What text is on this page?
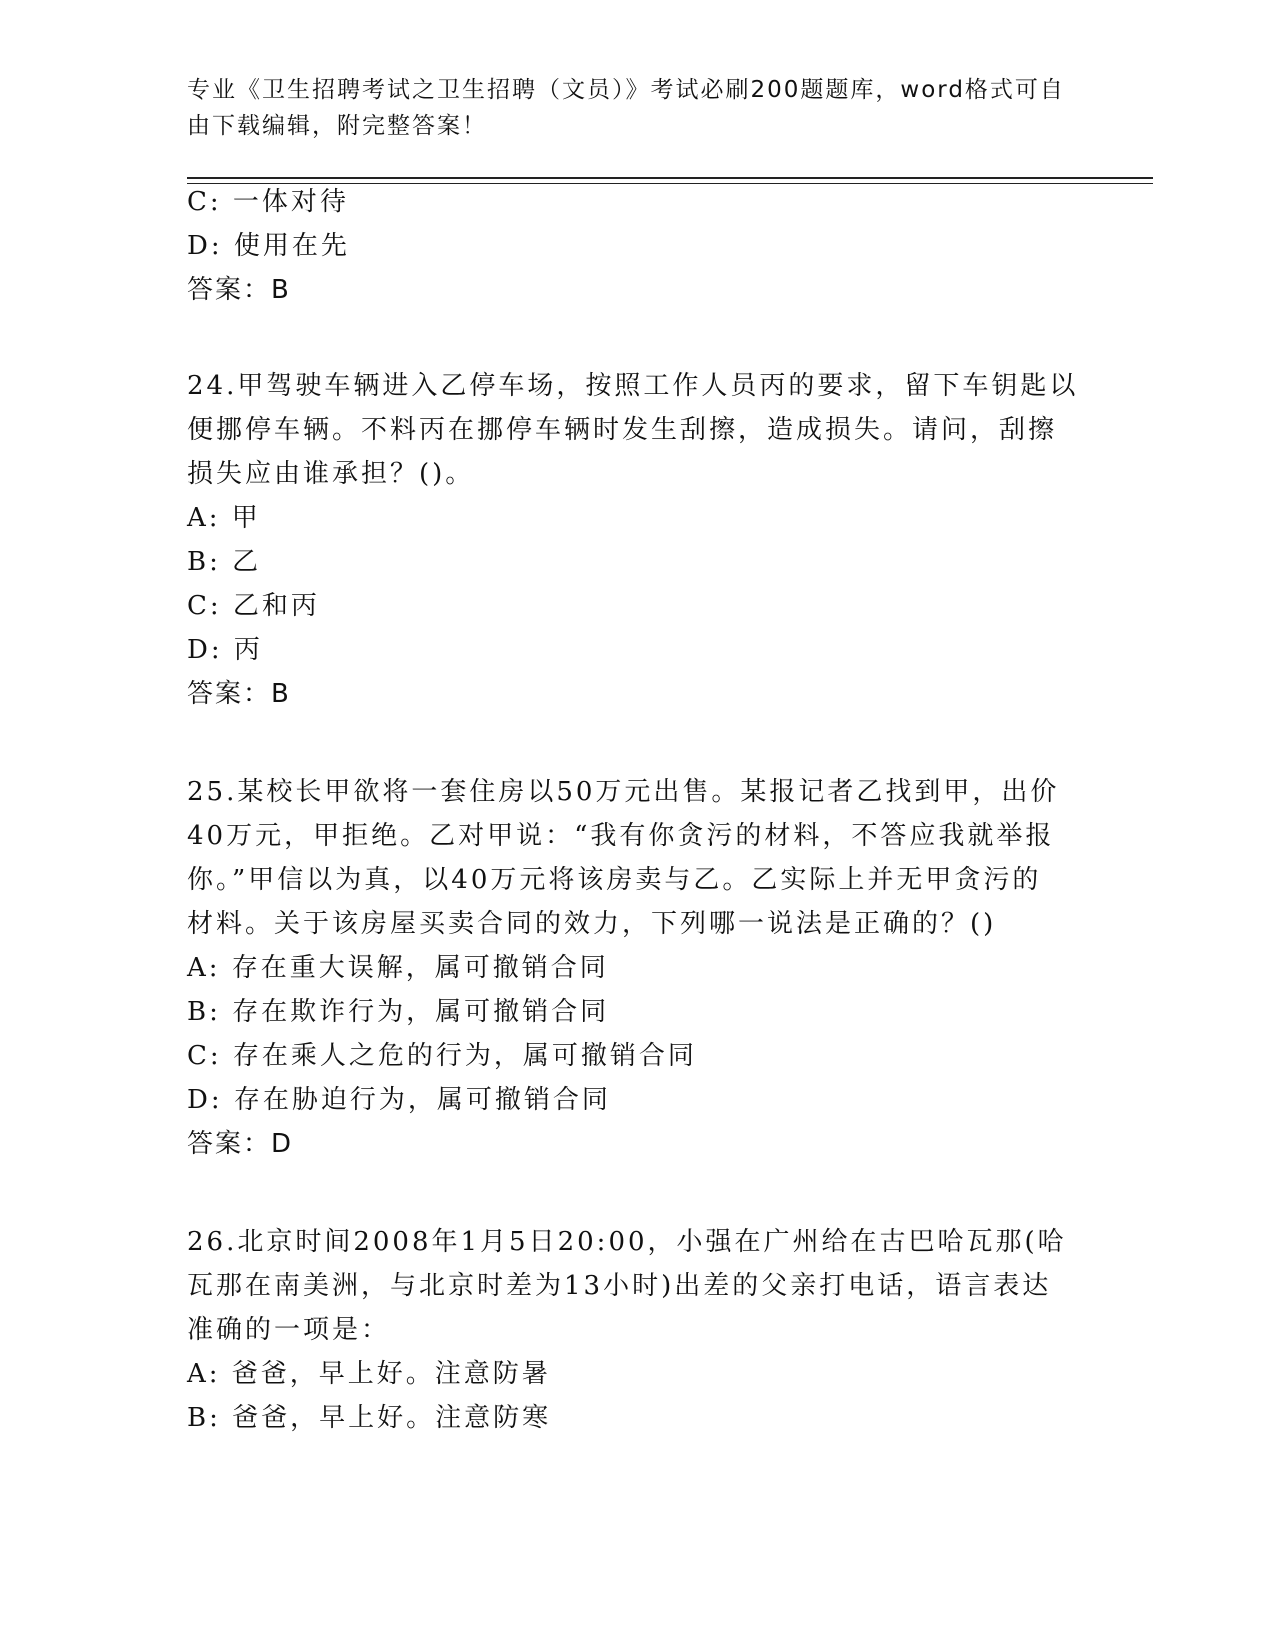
专业《卫生招聘考试之卫生招聘（文员）》考试必刷200题题库，word格式可自由下载编辑，附完整答案！
C: 一体对待
D: 使用在先
答案：B
24.甲驾驶车辆进入乙停车场，按照工作人员丙的要求，留下车钥匙以
便挪停车辆。不料丙在挪停车辆时发生刮擦，造成损失。请问，刮擦
损失应由谁承担？()。
A: 甲
B: 乙
C: 乙和丙
D: 丙
答案：B
25.某校长甲欲将一套住房以50万元出售。某报记者乙找到甲，出价
40万元，甲拒绝。乙对甲说：“我有你贪污的材料，不答应我就举报
你。”甲信以为真，以40万元将该房卖与乙。乙实际上并无甲贪污的
材料。关于该房屋买卖合同的效力，下列哪一说法是正确的？()
A: 存在重大误解，属可撤销合同
B: 存在欺诈行为，属可撤销合同
C: 存在乘人之危的行为，属可撤销合同
D: 存在胁迫行为，属可撤销合同
答案：D
26.北京时间2008年1月5日20:00，小强在广州给在古巴哈瓦那(哈
瓦那在南美洲，与北京时差为13小时)出差的父亲打电话，语言表达
准确的一项是：
A: 爸爸，早上好。注意防暑
B: 爸爸，早上好。注意防寒
